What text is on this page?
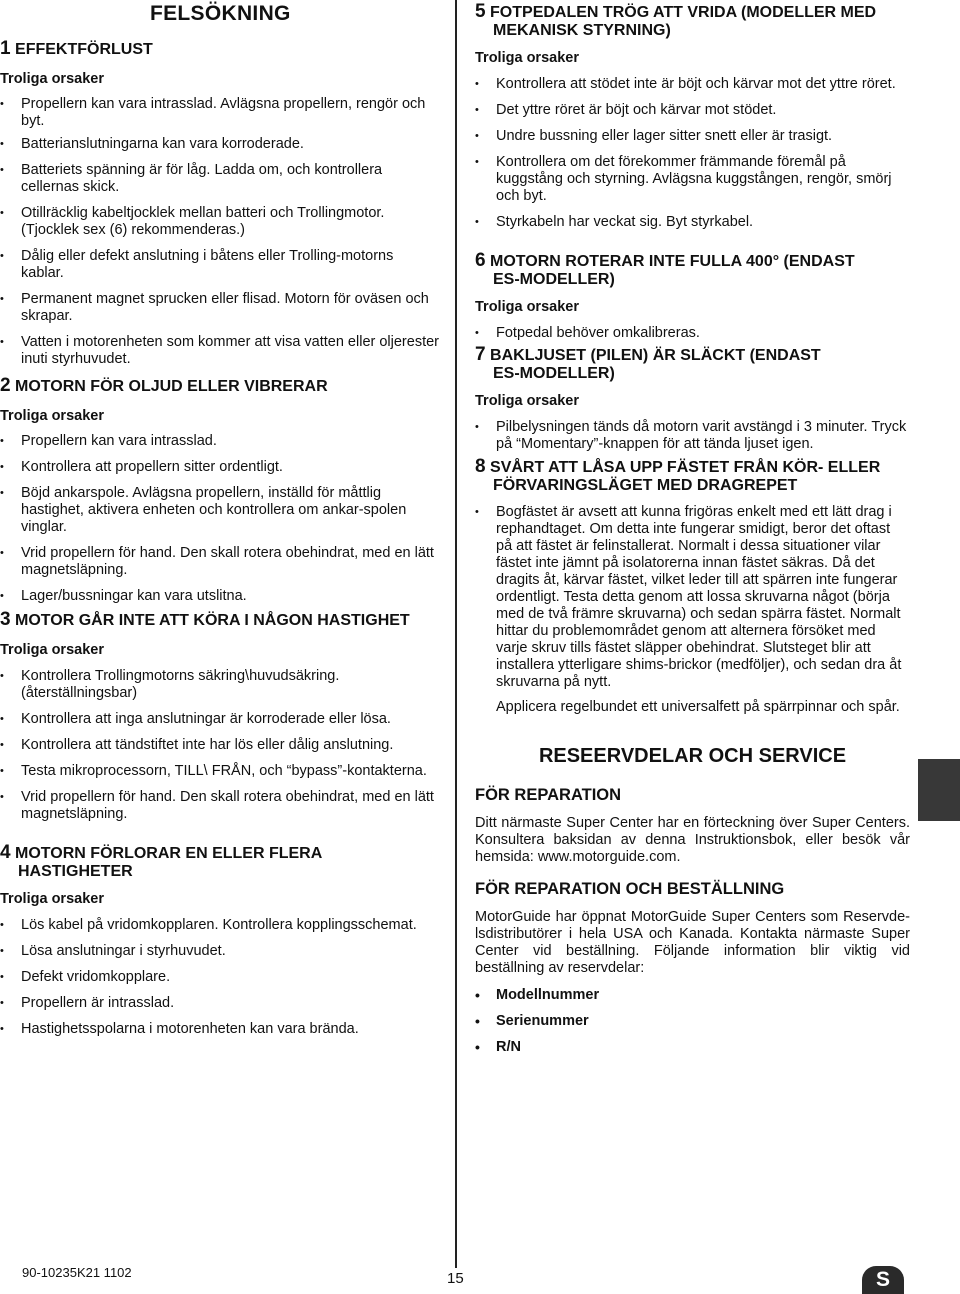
FELSÖKNING
1 EFFEKTFÖRLUST

Troliga orsaker

• Propellern kan vara intrasslad. Avlägsna propellern, rengör och byt.
• Batterianslutningarna kan vara korroderade.
• Batteriets spänning är för låg. Ladda om, och kontrollera cellernas skick.
• Otillräcklig kabeltjocklek mellan batteri och Trollingmotor. (Tjocklek sex (6) rekommenderas.)
• Dålig eller defekt anslutning i båtens eller Trolling-motorns kablar.
• Permanent magnet sprucken eller flisad. Motorn för oväsen och skrapar.
• Vatten i motorenheten som kommer att visa vatten eller oljerester inuti styrhuvudet.
2 MOTORN FÖR OLJUD ELLER VIBRERAR

Troliga orsaker

• Propellern kan vara intrasslad.
• Kontrollera att propellern sitter ordentligt.
• Böjd ankarspole. Avlägsna propellern, inställd för måttlig hastighet, aktivera enheten och kontrollera om ankar-spolen vinglar.
• Vrid propellern för hand. Den skall rotera obehindrat, med en lätt magnetsläpning.
• Lager/bussningar kan vara utslitna.
3 MOTOR GÅR INTE ATT KÖRA I NÅGON HASTIGHET

Troliga orsaker

• Kontrollera Trollingmotorns säkring\huvudsäkring. (återställningsbar)
• Kontrollera att inga anslutningar är korroderade eller lösa.
• Kontrollera att tändstiftet inte har lös eller dålig anslutning.
• Testa mikroprocessorn, TILL\ FRÅN, och “bypass”-kontakterna.
• Vrid propellern för hand. Den skall rotera obehindrat, med en lätt magnetsläpning.
4 MOTORN FÖRLORAR EN ELLER FLERA
HASTIGHETER

Troliga orsaker

• Lös kabel på vridomkopplaren. Kontrollera kopplingsschemat.
• Lösa anslutningar i styrhuvudet.
• Defekt vridomkopplare.
• Propellern är intrasslad.
• Hastighetsspolarna i motorenheten kan vara brända.
5 FOTPEDALEN TRÖG ATT VRIDA (MODELLER MED
MEKANISK STYRNING)

Troliga orsaker

• Kontrollera att stödet inte är böjt och kärvar mot det yttre röret.
• Det yttre röret är böjt och kärvar mot stödet.
• Undre bussning eller lager sitter snett eller är trasigt.
• Kontrollera om det förekommer främmande föremål på kuggstång och styrning. Avlägsna kuggstången, rengör, smörj och byt.
• Styrkabeln har veckat sig. Byt styrkabel.
6 MOTORN ROTERAR INTE FULLA 400° (ENDAST
ES-MODELLER)

Troliga orsaker

• Fotpedal behöver omkalibreras.
7 BAKLJUSET (PILEN) ÄR SLÄCKT (ENDAST
ES-MODELLER)

Troliga orsaker

• Pilbelysningen tänds då motorn varit avstängd i 3 minuter. Tryck på “Momentary”-knappen för att tända ljuset igen.
8 SVÅRT ATT LÅSA UPP FÄSTET FRÅN KÖR- ELLER
FÖRVARINGSLÄGET MED DRAGREPET
• Bogfästet är avsett att kunna frigöras enkelt med ett lätt drag i rephandtaget. Om detta inte fungerar smidigt, beror det oftast på att fästet är felinstallerat. Normalt i dessa situationer vilar fästet inte jämnt på isolatorerna innan fästet säkras. Då det dragits åt, kärvar fästet, vilket leder till att spärren inte fungerar ordentligt. Testa detta genom att lossa skruvarna något (börja med de två främre skruvarna) och sedan spärra fästet. Normalt hittar du problemområdet genom att alternera försöket med varje skruv tills fästet släpper obehindrat. Slutsteget blir att installera ytterligare shims-brickor (medföljer), och sedan dra åt skruvarna på nytt.

Applicera regelbundet ett universalfett på spärrpinnar och spår.

RESEERVDELAR OCH SERVICE
FÖR REPARATION

Ditt närmaste Super Center har en förteckning över Super Centers. Konsultera baksidan av denna Instruktionsbok, eller besök vår hemsida: www.motorguide.com.

FÖR REPARATION OCH BESTÄLLNING

MotorGuide har öppnat MotorGuide Super Centers som Reservde-lsdistributörer i hela USA och Kanada. Kontakta närmaste Super Center vid beställning. Följande information blir viktig vid beställning av reservdelar:

• Modellnummer
• Serienummer
• R/N

90-10235K21 1102	15	S
